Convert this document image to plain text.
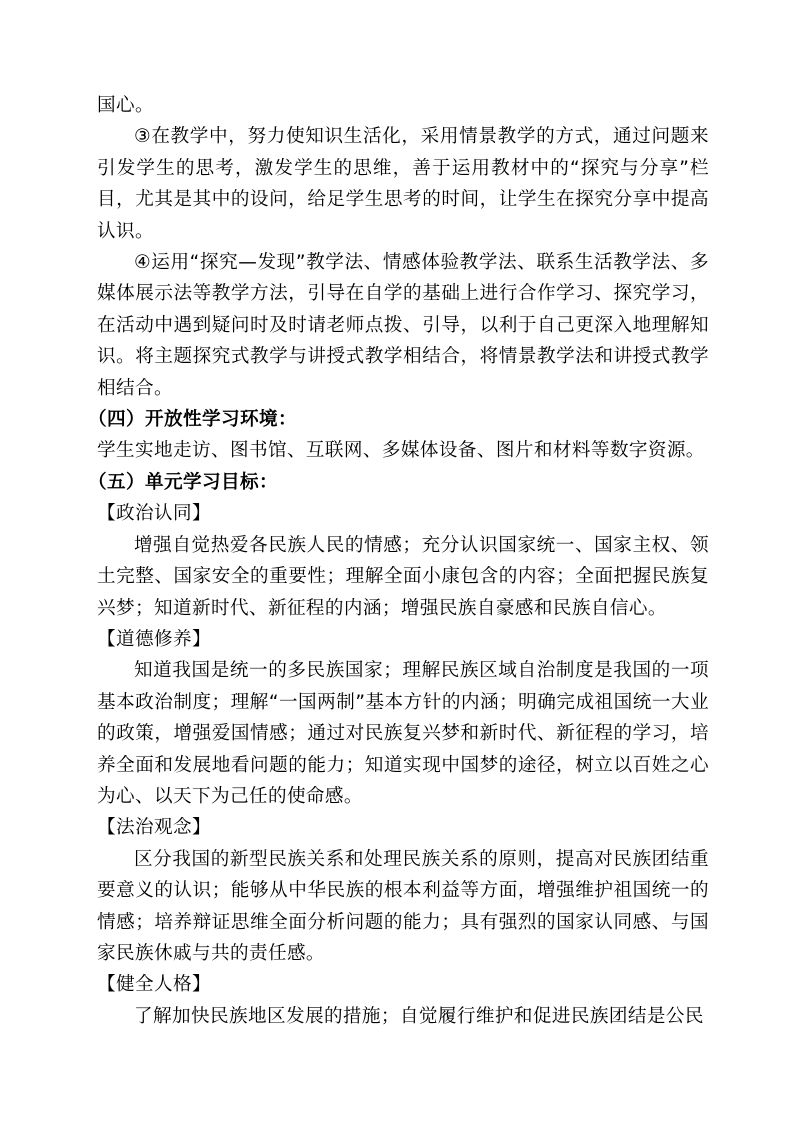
国心。

③在教学中，努力使知识生活化，采用情景教学的方式，通过问题来引发学生的思考，激发学生的思维，善于运用教材中的“探究与分享”栏目，尤其是其中的设问，给足学生思考的时间，让学生在探究分享中提高认识。

④运用“探究—发现”教学法、情感体验教学法、联系生活教学法、多媒体展示法等教学方法，引导在自学的基础上进行合作学习、探究学习，在活动中遇到疑问时及时请老师点拨、引导，以利于自己更深入地理解知识。将主题探究式教学与讲授式教学相结合，将情景教学法和讲授式教学相结合。

（四）开放性学习环境：

学生实地走访、图书馆、互联网、多媒体设备、图片和材料等数字资源。

（五）单元学习目标：

【政治认同】

增强自觉热爱各民族人民的情感；充分认识国家统一、国家主权、领土完整、国家安全的重要性；理解全面小康包含的内容；全面把握民族复兴梦；知道新时代、新征程的内涵；增强民族自豪感和民族自信心。

【道德修养】

知道我国是统一的多民族国家；理解民族区域自治制度是我国的一项基本政治制度；理解“一国两制”基本方针的内涵；明确完成祖国统一大业的政策，增强爱国情感；通过对民族复兴梦和新时代、新征程的学习，培养全面和发展地看问题的能力；知道实现中国梦的途径，树立以百姓之心为心、以天下为己任的使命感。

【法治观念】

区分我国的新型民族关系和处理民族关系的原则，提高对民族团结重要意义的认识；能够从中华民族的根本利益等方面，增强维护祖国统一的情感；培养辩证思维全面分析问题的能力；具有强烈的国家认同感、与国家民族休戚与共的责任感。

【健全人格】

了解加快民族地区发展的措施；自觉履行维护和促进民族团结是公民
